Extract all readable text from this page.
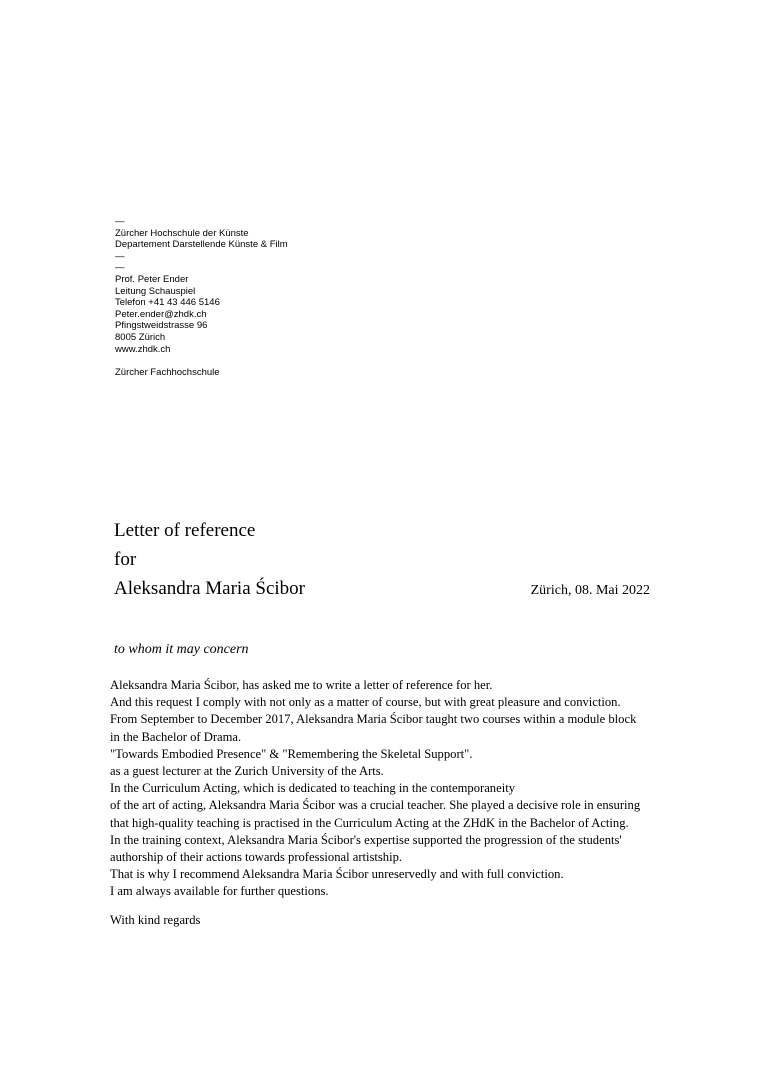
—
Zürcher Hochschule der Künste
Departement Darstellende Künste & Film
—
—
Prof. Peter Ender
Leitung Schauspiel
Telefon +41 43 446 5146
Peter.ender@zhdk.ch
Pfingstweidstrasse 96
8005 Zürich
www.zhdk.ch

Zürcher Fachhochschule
Letter of reference
for
Aleksandra Maria Ścibor	Zürich, 08. Mai 2022
to whom it may concern
Aleksandra Maria Ścibor, has asked me to write a letter of reference for her.
And this request I comply with not only as a matter of course, but with great pleasure and conviction.
From September to December 2017, Aleksandra Maria Ścibor taught two courses within a module block
in the Bachelor of Drama.
"Towards Embodied Presence" & "Remembering the Skeletal Support".
as a guest lecturer at the Zurich University of the Arts.
In the Curriculum Acting, which is dedicated to teaching in the contemporaneity
of the art of acting, Aleksandra Maria Ścibor was a crucial teacher. She played a decisive role in ensuring
that high-quality teaching is practised in the Curriculum Acting at the ZHdK in the Bachelor of Acting.
In the training context, Aleksandra Maria Ścibor's expertise supported the progression of the students'
authorship of their actions towards professional artistship.
That is why I recommend Aleksandra Maria Ścibor unreservedly and with full conviction.
I am always available for further questions.
With kind regards
